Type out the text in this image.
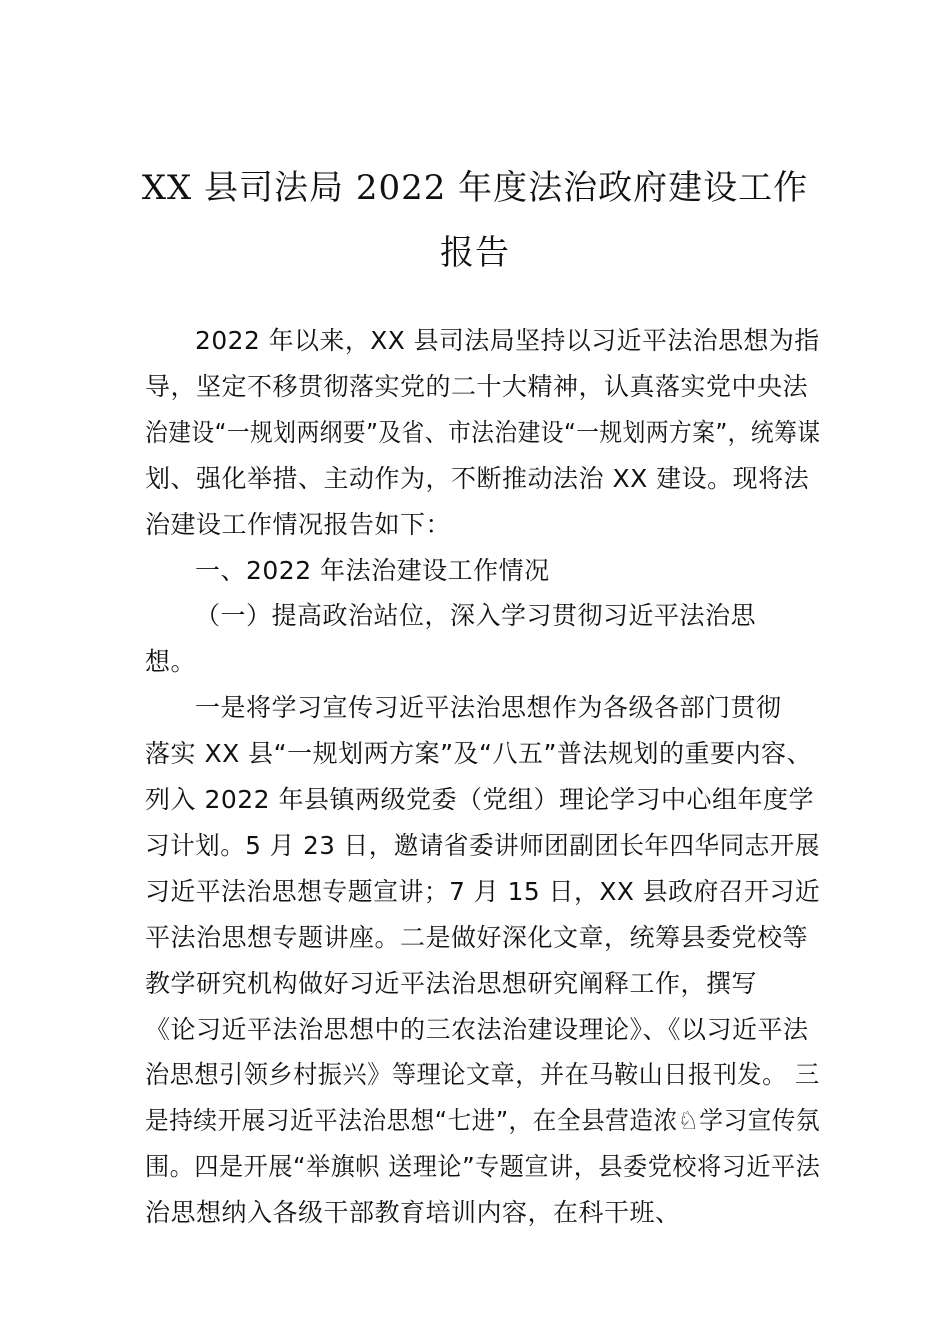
XX 县司法局 2022 年度法治政府建设工作
报告
2022 年以来，XX 县司法局坚持以习近平法治思想为指
导，坚定不移贯彻落实党的二十大精神，认真落实党中央法
治建设“一规划两纲要”及省、市法治建设“一规划两方案”，统筹谋
划、强化举措、主动作为，不断推动法治 XX 建设。现将法
治建设工作情况报告如下：
一、2022 年法治建设工作情况
（一）提高政治站位，深入学习贯彻习近平法治思
想。
一是将学习宣传习近平法治思想作为各级各部门贯彻
落实 XX 县“一规划两方案”及“八五”普法规划的重要内容、
列入 2022 年县镇两级党委（党组）理论学习中心组年度学
习计划。5 月 23 日，邀请省委讲师团副团长年四华同志开展
习近平法治思想专题宣讲；7 月 15 日，XX 县政府召开习近
平法治思想专题讲座。二是做好深化文章，统筹县委党校等
教学研究机构做好习近平法治思想研究阐释工作，撰写
《论习近平法治思想中的三农法治建设理论》、《以习近平法
治思想引领乡村振兴》等理论文章，并在马鞍山日报刊发。 三
是持续开展习近平法治思想“七进”，在全县营造浓♘学习宣传氛
围。四是开展“举旗帜 送理论”专题宣讲，县委党校将习近平法
治思想纳入各级干部教育培训内容，在科干班、
